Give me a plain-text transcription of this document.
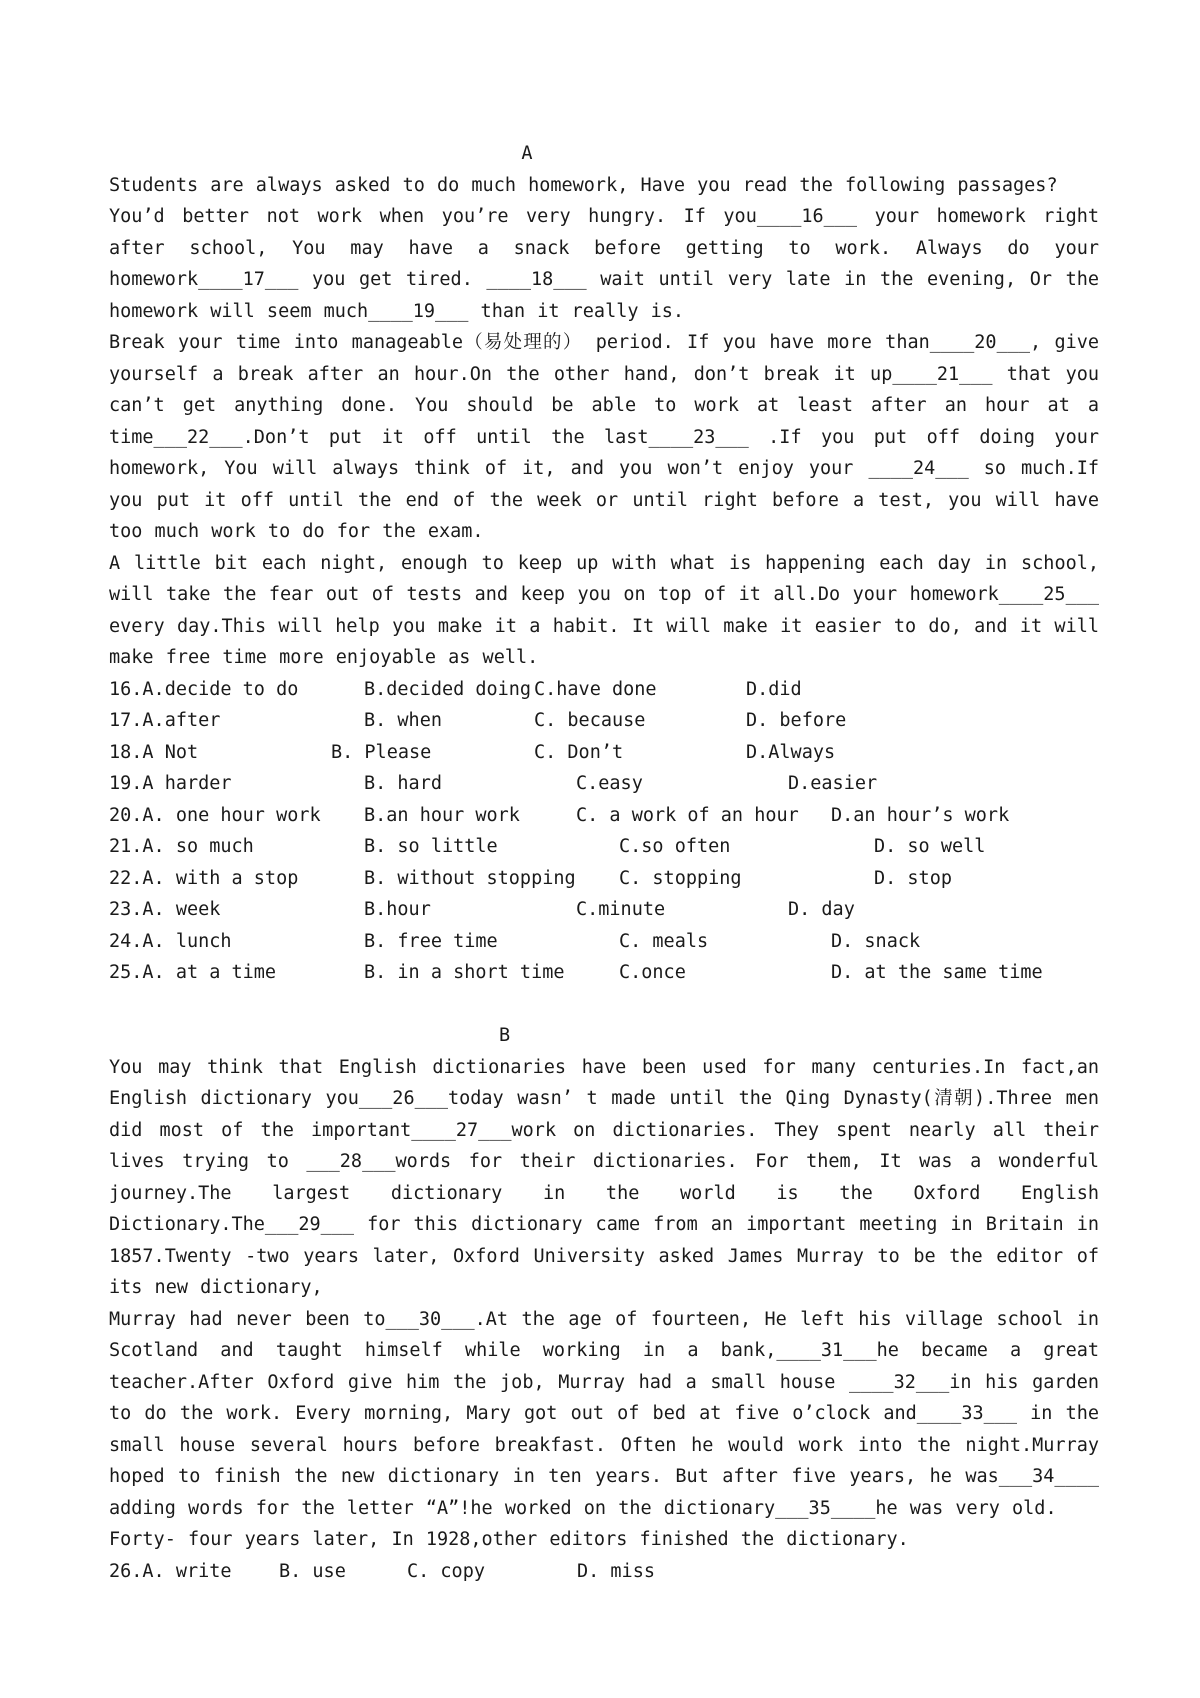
A
Students are always asked to do much homework, Have you read the following passages?
You’d better not work when you’re very hungry. If you____16___ your homework right after school, You may have a snack before getting to work. Always do your homework____17___ you get tired. ____18___ wait until very late in the evening, Or the homework will seem much____19___ than it really is.
Break your time into manageable（易处理的） period. If you have more than____20___, give yourself a break after an hour.On the other hand, don’t break it up____21___ that you can’t get anything done. You should be able to work at least after an hour at a time___22___.Don’t put it off until the last____23___ .If you put off doing your homework, You will always think of it, and you won’t enjoy your ____24___ so much.If you put it off until the end of the week or until right before a test, you will have too much work to do for the exam.
A little bit each night, enough to keep up with what is happening each day in school, will take the fear out of tests and keep you on top of it all.Do your homework____25___ every day.This will help you make it a habit. It will make it easier to do, and it will make free time more enjoyable as well.
16.A.decide to do	B.decided doing C.have done	D.did
17.A.after	B. when	C. because	D. before
18.A Not	B. Please	C. Don’t	D.Always
19.A harder	B. hard	C.easy	D.easier
20.A. one hour work	B.an hour work	C. a work of an hour	D.an hour’s work
21.A. so much	B. so little	C.so often	D. so well
22.A. with a stop	B. without stopping	C. stopping	D. stop
23.A. week	B.hour	C.minute	D. day
24.A. lunch	B. free time	C. meals	D. snack
25.A. at a time	B. in a short time	C.once	D. at the same time
B
You may think that English dictionaries have been used for many centuries.In fact,an English dictionary you___26___today wasn’ t made until the Qing Dynasty(清朝).Three men did most of the important____27___work on dictionaries. They spent nearly all their lives trying to ___28___words for their dictionaries. For them, It was a wonderful journey.The largest dictionary in the world is the Oxford English Dictionary.The___29___ for this dictionary came from an important meeting in Britain in 1857.Twenty -two years later, Oxford University asked James Murray to be the editor of its new dictionary,
Murray had never been to___30___.At the age of fourteen, He left his village school in Scotland and taught himself while working in a bank,____31___he became a great teacher.After Oxford give him the job, Murray had a small house ____32___in his garden to do the work. Every morning, Mary got out of bed at five o’clock and____33___ in the small house several hours before breakfast. Often he would work into the night.Murray hoped to finish the new dictionary in ten years. But after five years, he was___34____ adding words for the letter “A”!he worked on the dictionary___35____he was very old.
Forty- four years later, In 1928,other editors finished the dictionary.
26.A. write	B. use	C. copy	D. miss
